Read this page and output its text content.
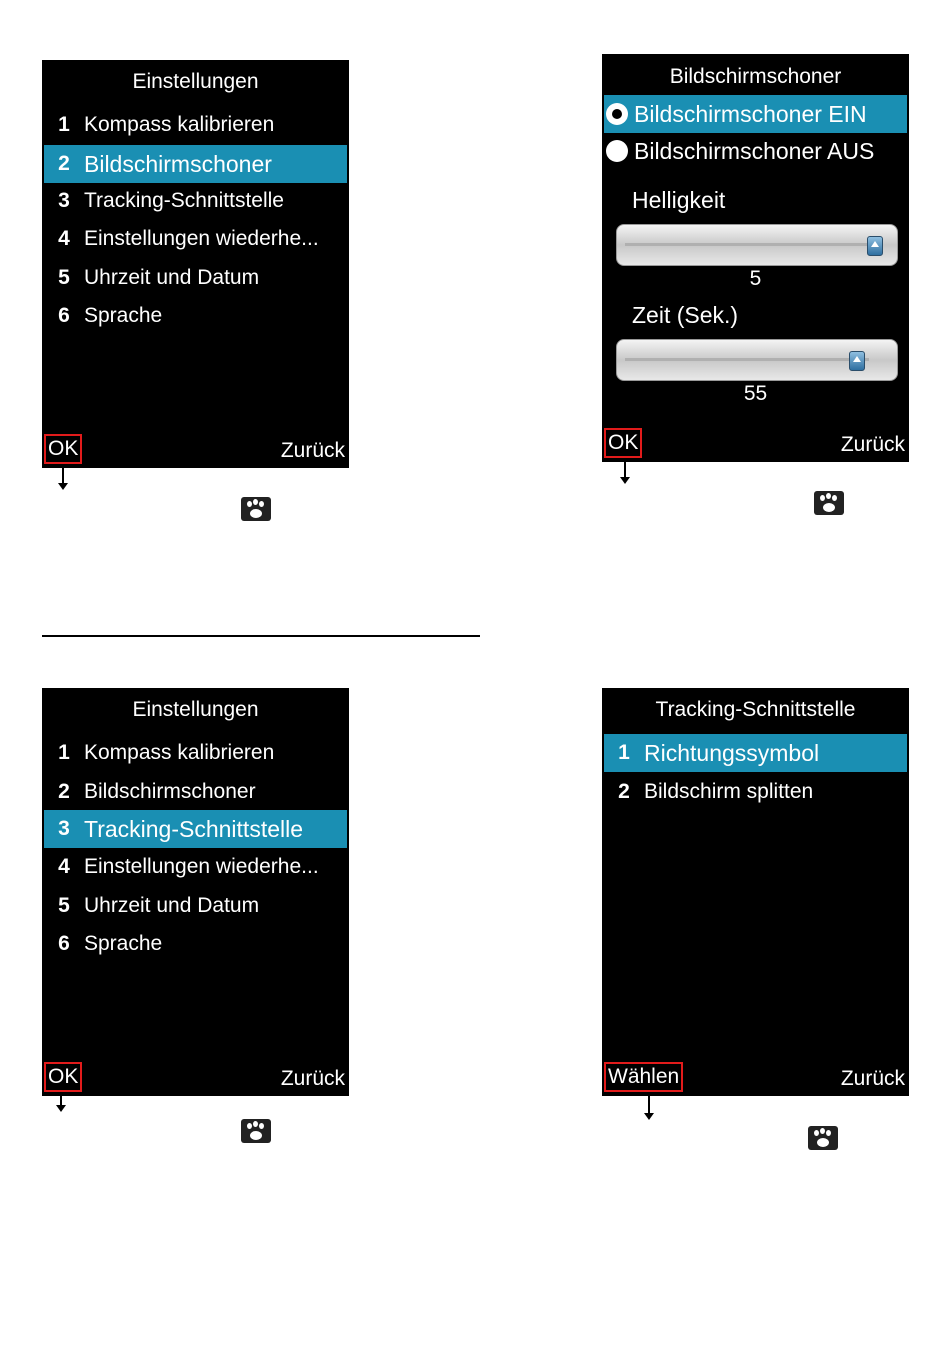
Einstellungen
1 Kompass kalibrieren
2 Bildschirmschoner
3 Tracking-Schnittstelle
4 Einstellungen wiederhe...
5 Uhrzeit und Datum
6 Sprache
OK	Zurück
Bildschirmschoner
Bildschirmschoner EIN
Bildschirmschoner AUS
Helligkeit
5
Zeit (Sek.)
55
OK	Zurück
Einstellungen
1 Kompass kalibrieren
2 Bildschirmschoner
3 Tracking-Schnittstelle
4 Einstellungen wiederhe...
5 Uhrzeit und Datum
6 Sprache
OK	Zurück
Tracking-Schnittstelle
1 Richtungssymbol
2 Bildschirm splitten
Wählen	Zurück
